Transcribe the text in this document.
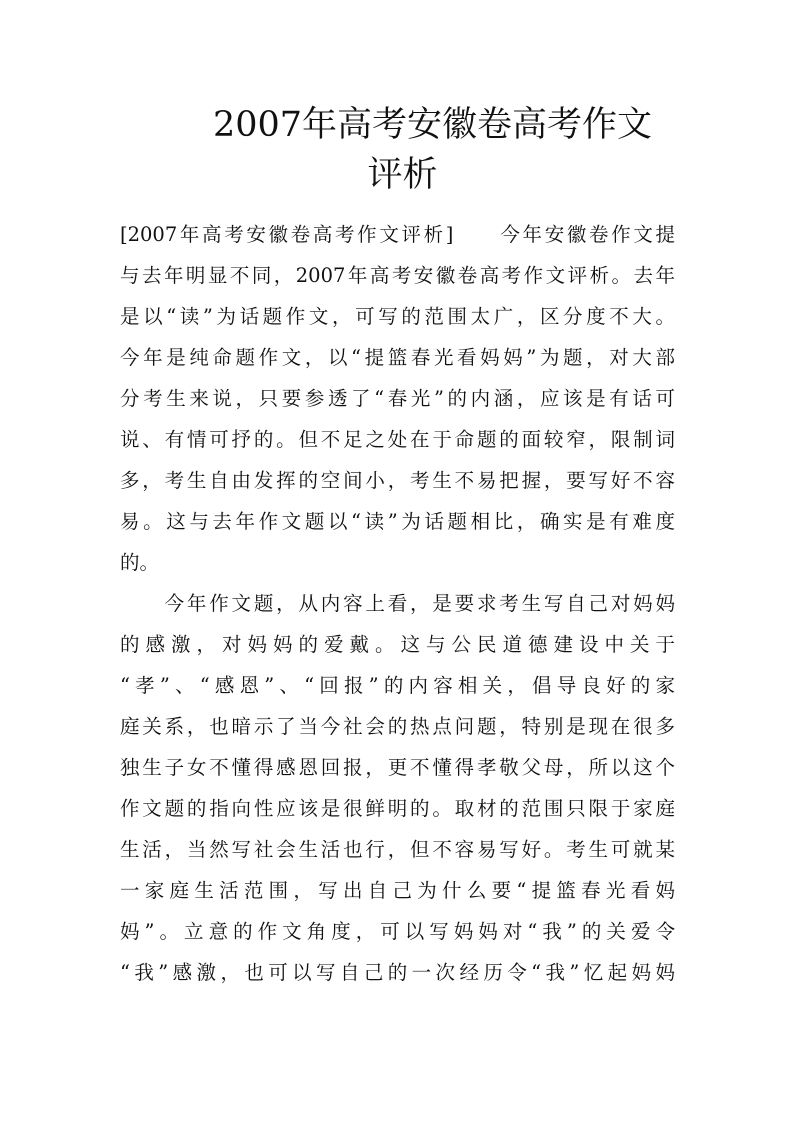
2007年高考安徽卷高考作文
评析
[2007年高考安徽卷高考作文评析]　　今年安徽卷作文提
与去年明显不同，2007年高考安徽卷高考作文评析。去年
是以“读”为话题作文，可写的范围太广，区分度不大。
今年是纯命题作文，以“提篮春光看妈妈”为题，对大部
分考生来说，只要参透了“春光”的内涵，应该是有话可
说、有情可抒的。但不足之处在于命题的面较窄，限制词
多，考生自由发挥的空间小，考生不易把握，要写好不容
易。这与去年作文题以“读”为话题相比，确实是有难度
的。
　　今年作文题，从内容上看，是要求考生写自己对妈妈
的感激，对妈妈的爱戴。这与公民道德建设中关于
“孝”、“感恩”、“回报”的内容相关，倡导良好的家
庭关系，也暗示了当今社会的热点问题，特别是现在很多
独生子女不懂得感恩回报，更不懂得孝敬父母，所以这个
作文题的指向性应该是很鲜明的。取材的范围只限于家庭
生活，当然写社会生活也行，但不容易写好。考生可就某
一家庭生活范围，写出自己为什么要“提篮春光看妈
妈”。立意的作文角度，可以写妈妈对“我”的关爱令
“我”感激，也可以写自己的一次经历令“我”忆起妈妈
